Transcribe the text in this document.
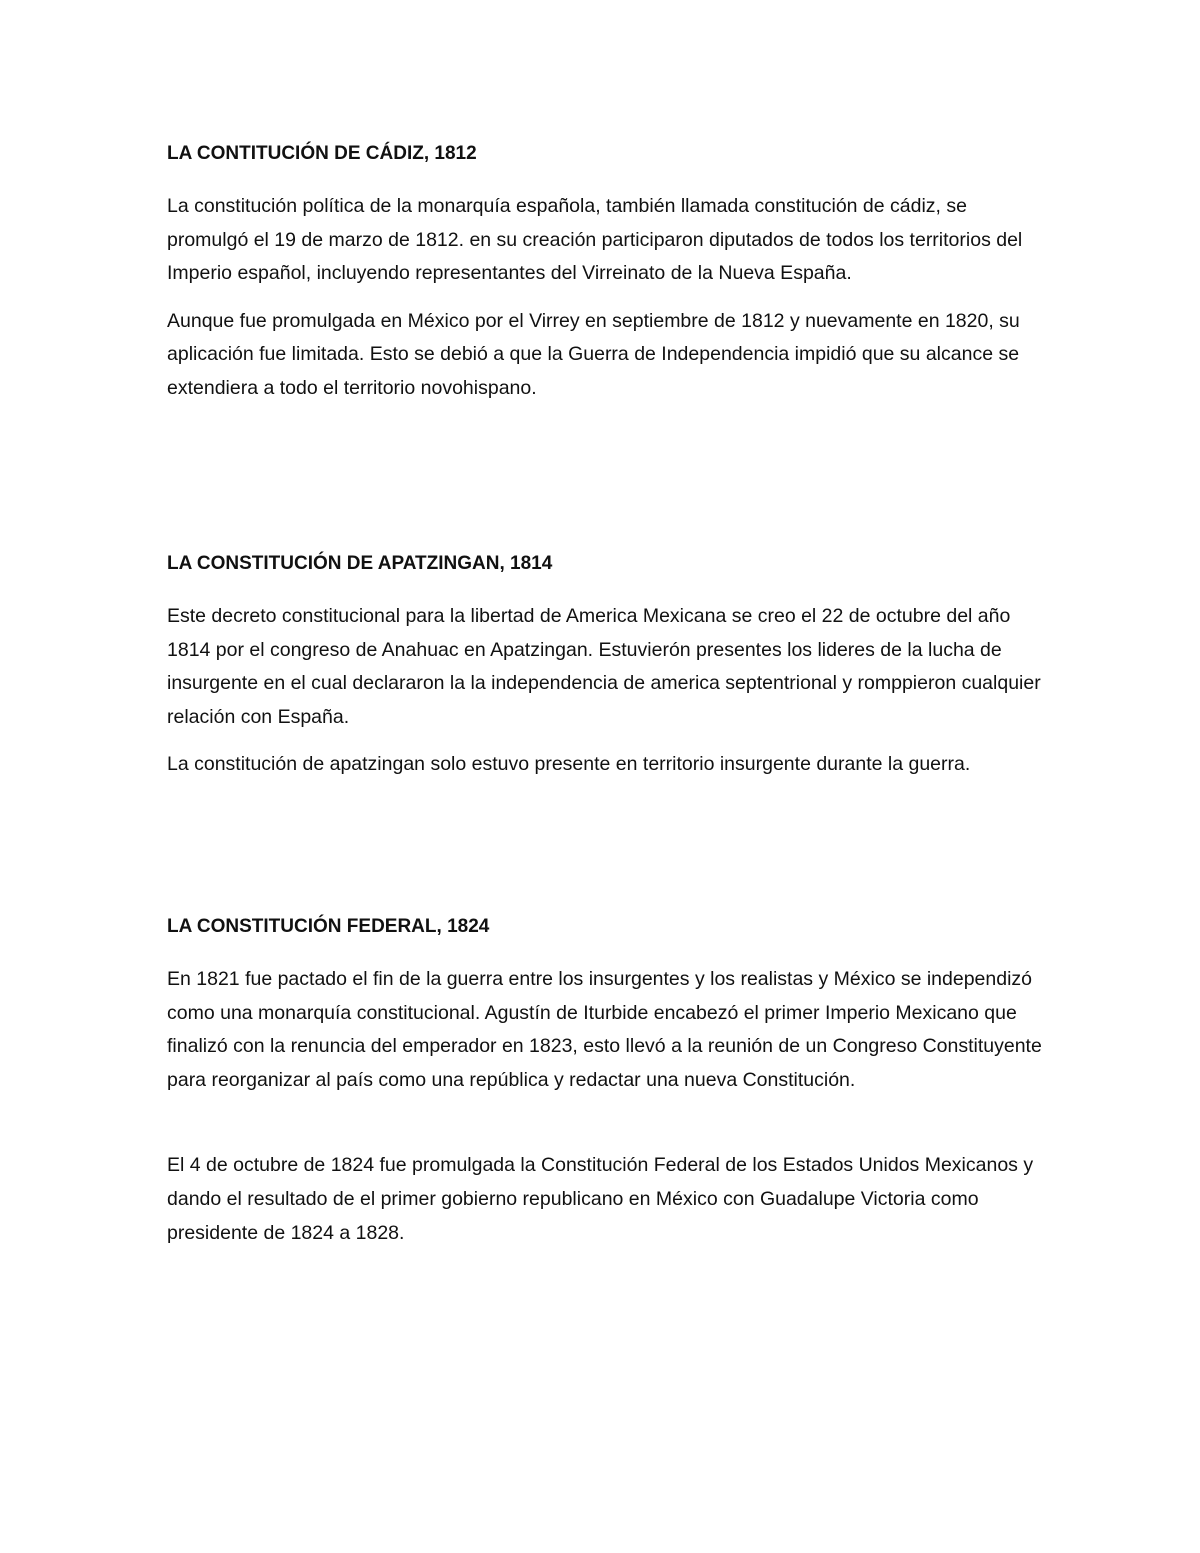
LA CONTITUCIÓN DE CÁDIZ, 1812

La constitución política de la monarquía española, también llamada constitución de cádiz, se promulgó el 19 de marzo de 1812. en su creación participaron diputados de todos los territorios del Imperio español, incluyendo representantes del Virreinato de la Nueva España.

Aunque fue promulgada en México por el Virrey en septiembre de 1812 y nuevamente en 1820, su aplicación fue limitada. Esto se debió a que la Guerra de Independencia impidió que su alcance se extendiera a todo el territorio novohispano.

LA CONSTITUCIÓN DE APATZINGAN, 1814

Este decreto constitucional para la libertad de America Mexicana se creo el 22 de octubre del año 1814 por el congreso de Anahuac en Apatzingan. Estuvierón presentes los lideres de la lucha de insurgente en el cual declararon la la independencia de america septentrional y romppieron cualquier relación con España.

La constitución de apatzingan solo estuvo presente en territorio insurgente durante la guerra.

LA CONSTITUCIÓN FEDERAL, 1824

En 1821 fue pactado el fin de la guerra entre los insurgentes y los realistas y México se independizó como una monarquía constitucional. Agustín de Iturbide encabezó el primer Imperio Mexicano que finalizó con la renuncia del emperador en 1823, esto llevó a la reunión de un Congreso Constituyente para reorganizar al país como una república y redactar una nueva Constitución.

El 4 de octubre de 1824 fue promulgada la Constitución Federal de los Estados Unidos Mexicanos y dando el resultado de el primer gobierno republicano en México con Guadalupe Victoria como presidente de 1824 a 1828.
